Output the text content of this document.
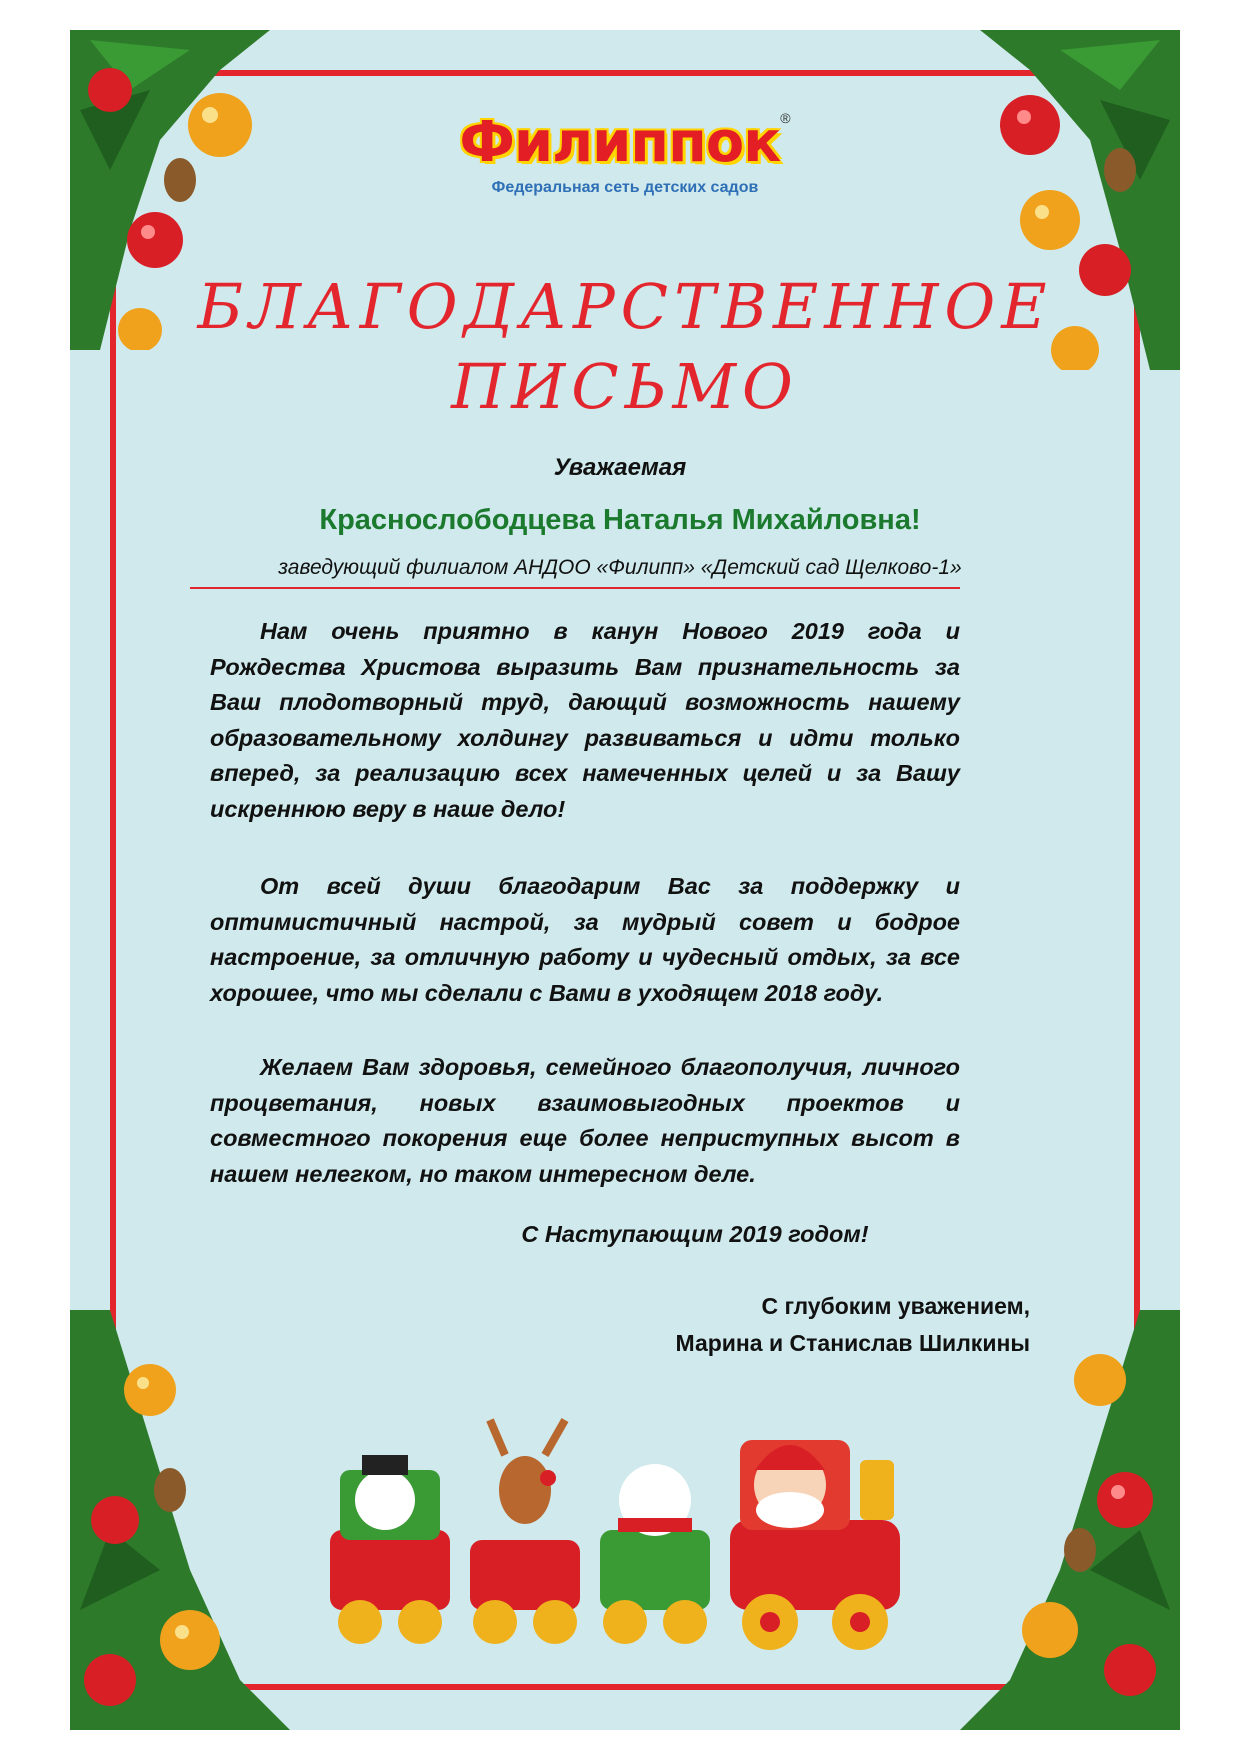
Филиппок®
Федеральная сеть детских садов
БЛАГОДАРСТВЕННОЕ
ПИСЬМО
Уважаемая
Краснослободцева Наталья Михайловна!
заведующий филиалом АНДОО «Филипп» «Детский сад Щелково-1»
Нам очень приятно в канун Нового 2019 года и Рождества Христова выразить Вам признательность за Ваш плодотворный труд, дающий возможность нашему образовательному холдингу развиваться и идти только вперед, за реализацию всех намеченных целей и за Вашу искреннюю веру в наше дело!
От всей души благодарим Вас за поддержку и оптимистичный настрой, за мудрый совет и бодрое настроение, за отличную работу и чудесный отдых, за все хорошее, что мы сделали с Вами в уходящем 2018 году.
Желаем Вам здоровья, семейного благополучия, личного процветания, новых взаимовыгодных проектов и совместного покорения еще более неприступных высот в нашем нелегком, но таком интересном деле.
С Наступающим 2019 годом!
С глубоким уважением,
Марина и Станислав Шилкины
